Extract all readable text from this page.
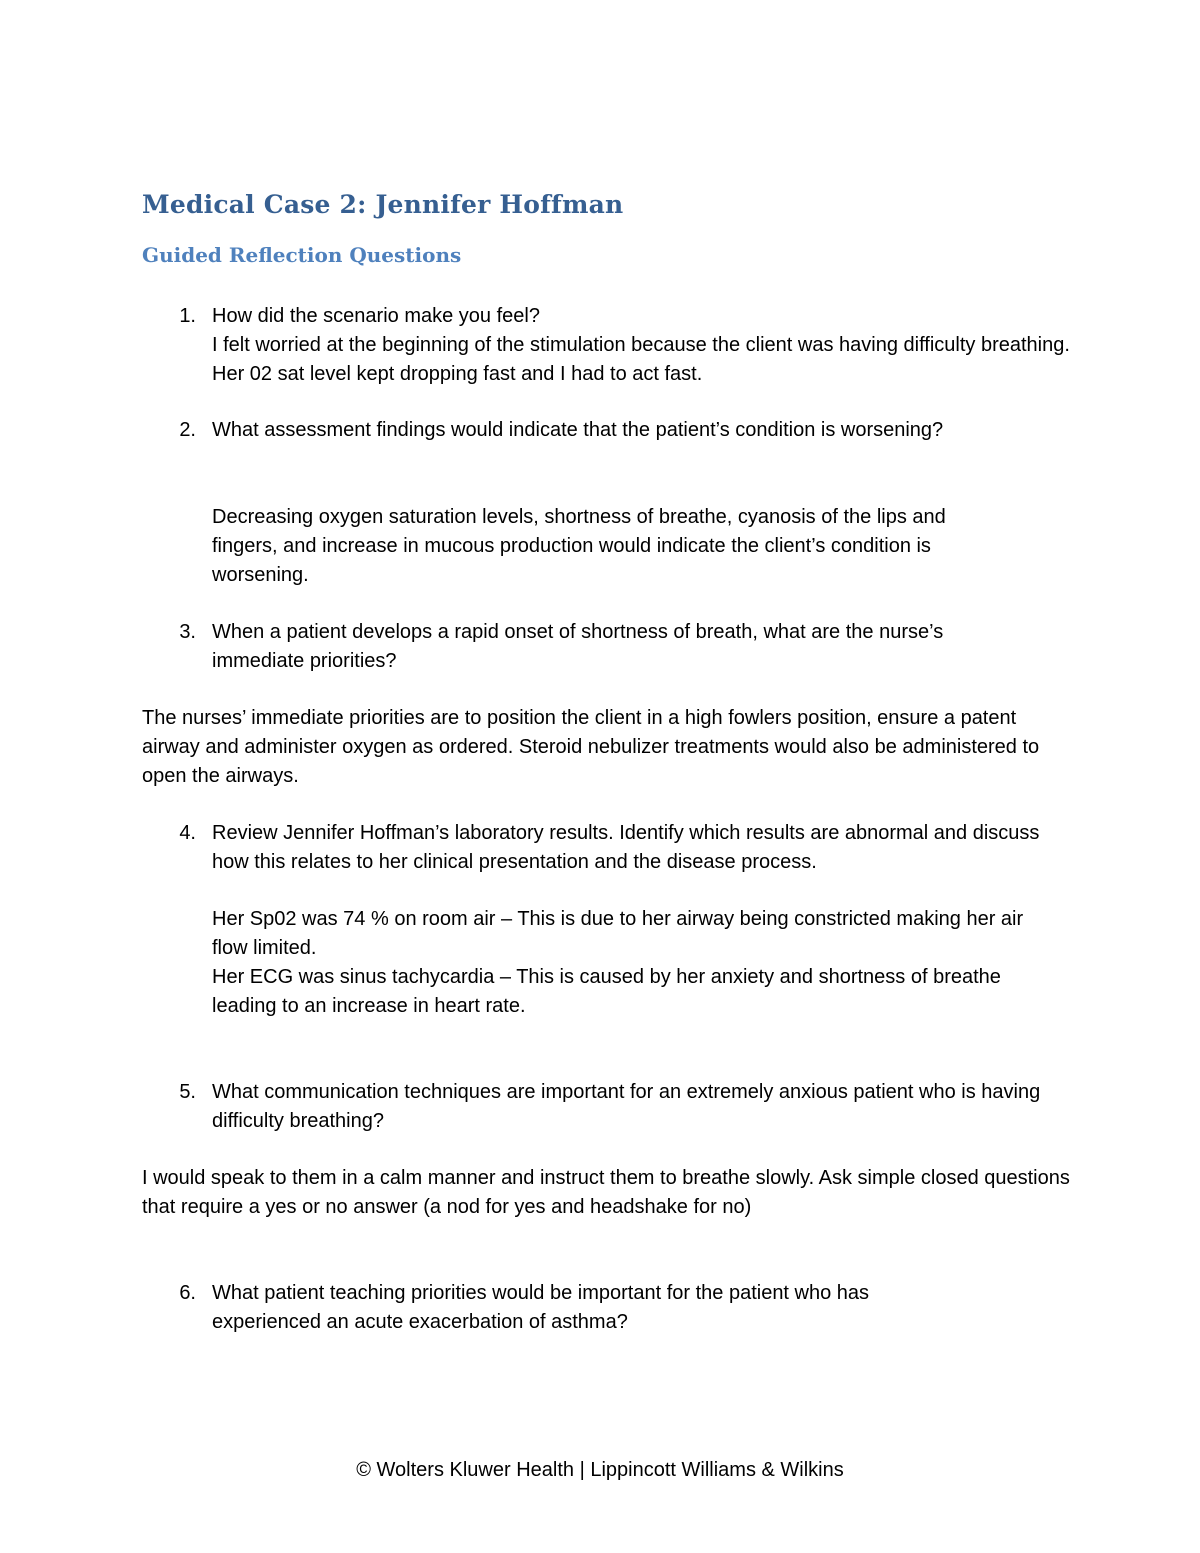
Medical Case 2: Jennifer Hoffman
Guided Reflection Questions
1. How did the scenario make you feel?
I felt worried at the beginning of the stimulation because the client was having difficulty breathing. Her 02 sat level kept dropping fast and I had to act fast.
2. What assessment findings would indicate that the patient’s condition is worsening?
Decreasing oxygen saturation levels, shortness of breathe, cyanosis of the lips and fingers, and increase in mucous production would indicate the client’s condition is worsening.
3. When a patient develops a rapid onset of shortness of breath, what are the nurse’s immediate priorities?
The nurses’ immediate priorities are to position the client in a high fowlers position, ensure a patent airway and administer oxygen as ordered. Steroid nebulizer treatments would also be administered to open the airways.
4. Review Jennifer Hoffman’s laboratory results. Identify which results are abnormal and discuss how this relates to her clinical presentation and the disease process.
Her Sp02 was 74 % on room air – This is due to her airway being constricted making her air flow limited.
Her ECG was sinus tachycardia – This is caused by her anxiety and shortness of breathe leading to an increase in heart rate.
5. What communication techniques are important for an extremely anxious patient who is having difficulty breathing?
I would speak to them in a calm manner and instruct them to breathe slowly. Ask simple closed questions that require a yes or no answer (a nod for yes and headshake for no)
6. What patient teaching priorities would be important for the patient who has experienced an acute exacerbation of asthma?
© Wolters Kluwer Health | Lippincott Williams & Wilkins
